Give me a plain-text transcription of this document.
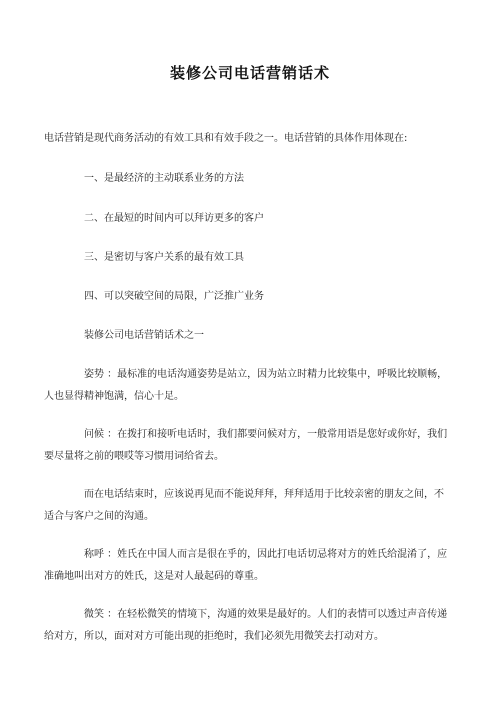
装修公司电话营销话术
电话营销是现代商务活动的有效工具和有效手段之一。电话营销的具体作用体现在:
一、是最经济的主动联系业务的方法
二、在最短的时间内可以拜访更多的客户
三、是密切与客户关系的最有效工具
四、可以突破空间的局限，广泛推广业务
装修公司电话营销话术之一
姿势 ：最标准的电话沟通姿势是站立，因为站立时精力比较集中，呼吸比较顺畅，
人也显得精神饱满，信心十足。
问候 ：在拨打和接听电话时，我们都要问候对方，一般常用语是您好或你好，我们
要尽量将之前的喂哎等习惯用词给省去。
而在电话结束时，应该说再见而不能说拜拜，拜拜适用于比较亲密的朋友之间，不
适合与客户之间的沟通。
称呼 ：姓氏在中国人而言是很在乎的，因此打电话切忌将对方的姓氏给混淆了，应
准确地叫出对方的姓氏，这是对人最起码的尊重。
微笑 ：在轻松微笑的情境下，沟通的效果是最好的。人们的表情可以透过声音传递
给对方，所以，面对对方可能出现的拒绝时，我们必须先用微笑去打动对方。
